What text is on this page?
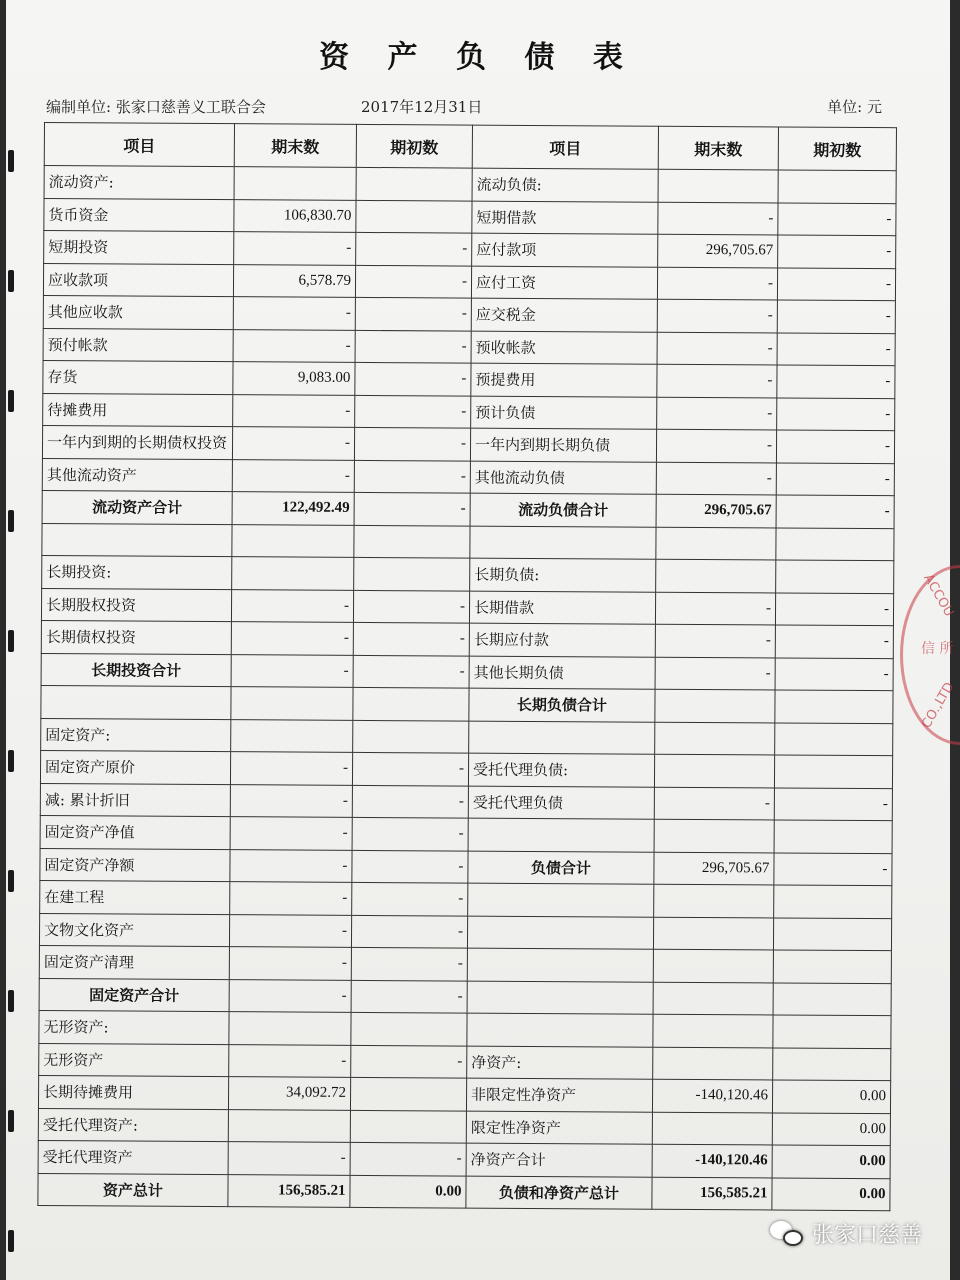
资 产 负 债 表
编制单位: 张家口慈善义工联合会	2017年12月31日	单位: 元
项目	期末数	期初数	项目	期末数	期初数
流动资产:			流动负债:		
货币资金	106,830.70		短期借款	-	-
短期投资	-	-	应付款项	296,705.67	-
应收款项	6,578.79	-	应付工资	-	-
其他应收款	-	-	应交税金	-	-
预付帐款	-	-	预收帐款	-	-
存货	9,083.00	-	预提费用	-	-
待摊费用	-	-	预计负债	-	-
一年内到期的长期债权投资	-	-	一年内到期长期负债	-	-
其他流动资产	-	-	其他流动负债	-	-
流动资产合计	122,492.49	-	流动负债合计	296,705.67	-

长期投资:			长期负债:		
长期股权投资	-	-	长期借款	-	-
长期债权投资	-	-	长期应付款	-	-
长期投资合计	-	-	其他长期负债	-	-
			长期负债合计		
固定资产:					
固定资产原价	-	-	受托代理负债:		
减: 累计折旧	-	-	受托代理负债	-	-
固定资产净值	-	-			
固定资产净额	-	-	负债合计	296,705.67	-
在建工程	-	-			
文物文化资产	-	-			
固定资产清理	-	-			
固定资产合计	-	-			
无形资产:					
无形资产	-	-	净资产:		
长期待摊费用	34,092.72		非限定性净资产	-140,120.46	0.00
受托代理资产:			限定性净资产		0.00
受托代理资产	-	-	净资产合计	-140,120.46	0.00
资产总计	156,585.21	0.00	负债和净资产总计	156,585.21	0.00
ACCOU
信 所
CO.,LTD
张家口慈善
